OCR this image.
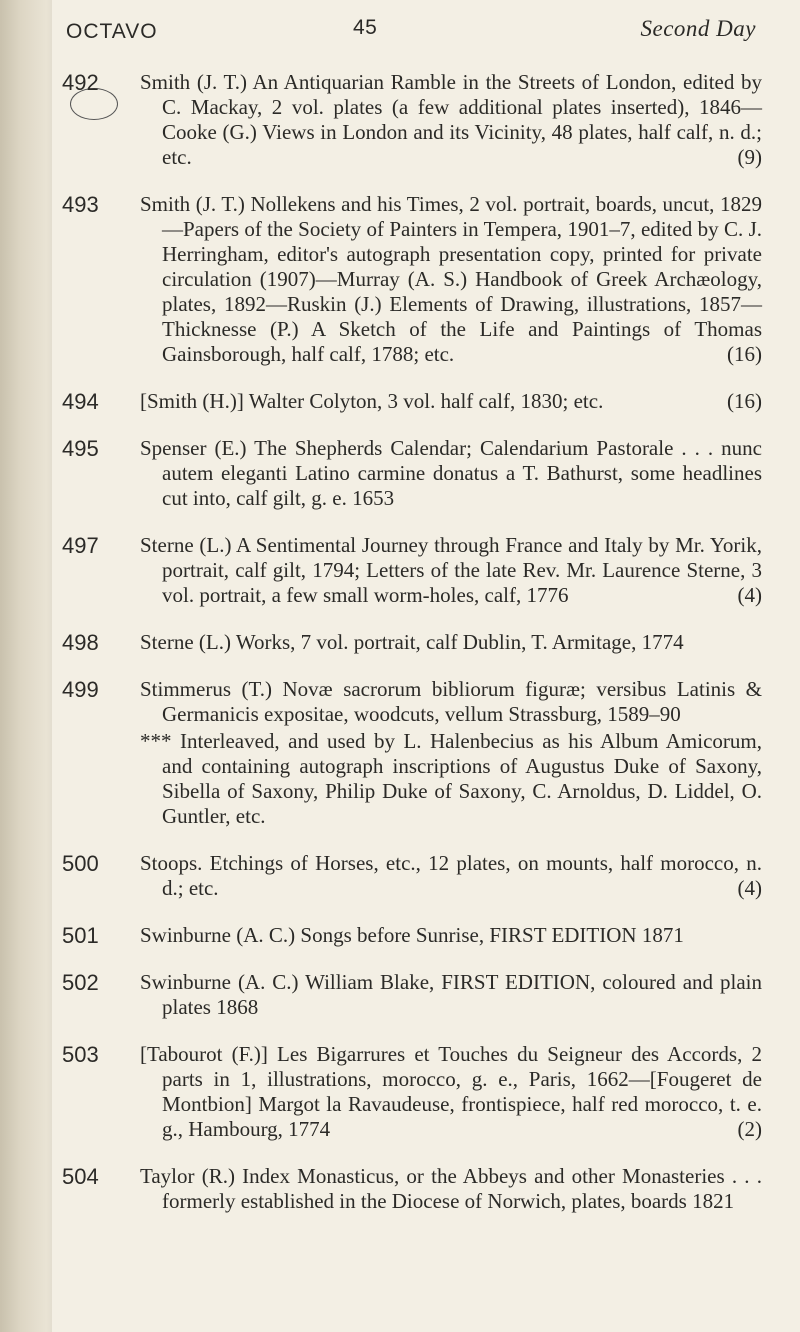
OCTAVO	45	Second Day
492	Smith (J. T.) An Antiquarian Ramble in the Streets of London, edited by C. Mackay, 2 vol. plates (a few additional plates inserted), 1846—Cooke (G.) Views in London and its Vicinity, 48 plates, half calf, n. d.; etc.	(9)
493	Smith (J. T.) Nollekens and his Times, 2 vol. portrait, boards, uncut, 1829—Papers of the Society of Painters in Tempera, 1901–7, edited by C. J. Herringham, editor's autograph presentation copy, printed for private circulation (1907)—Murray (A. S.) Handbook of Greek Archæology, plates, 1892—Ruskin (J.) Elements of Drawing, illustrations, 1857—Thicknesse (P.) A Sketch of the Life and Paintings of Thomas Gainsborough, half calf, 1788; etc.	(16)
494	[Smith (H.)] Walter Colyton, 3 vol. half calf, 1830; etc.	(16)
495	Spenser (E.) The Shepherds Calendar; Calendarium Pastorale . . . nunc autem eleganti Latino carmine donatus a T. Bathurst, some headlines cut into, calf gilt, g. e. 1653
497	Sterne (L.) A Sentimental Journey through France and Italy by Mr. Yorik, portrait, calf gilt, 1794; Letters of the late Rev. Mr. Laurence Sterne, 3 vol. portrait, a few small worm-holes, calf, 1776	(4)
498	Sterne (L.) Works, 7 vol. portrait, calf Dublin, T. Armitage, 1774
499	Stimmerus (T.) Novæ sacrorum bibliorum figuræ; versibus Latinis & Germanicis expositae, woodcuts, vellum Strassburg, 1589–90
*** Interleaved, and used by L. Halenbecius as his Album Amicorum, and containing autograph inscriptions of Augustus Duke of Saxony, Sibella of Saxony, Philip Duke of Saxony, C. Arnoldus, D. Liddel, O. Guntler, etc.
500	Stoops. Etchings of Horses, etc., 12 plates, on mounts, half morocco, n. d.; etc.	(4)
501	Swinburne (A. C.) Songs before Sunrise, FIRST EDITION 1871
502	Swinburne (A. C.) William Blake, FIRST EDITION, coloured and plain plates 1868
503	[Tabourot (F.)] Les Bigarrures et Touches du Seigneur des Accords, 2 parts in 1, illustrations, morocco, g. e., Paris, 1662—[Fougeret de Montbion] Margot la Ravaudeuse, frontispiece, half red morocco, t. e. g., Hambourg, 1774	(2)
504	Taylor (R.) Index Monasticus, or the Abbeys and other Monasteries . . . formerly established in the Diocese of Norwich, plates, boards 1821
